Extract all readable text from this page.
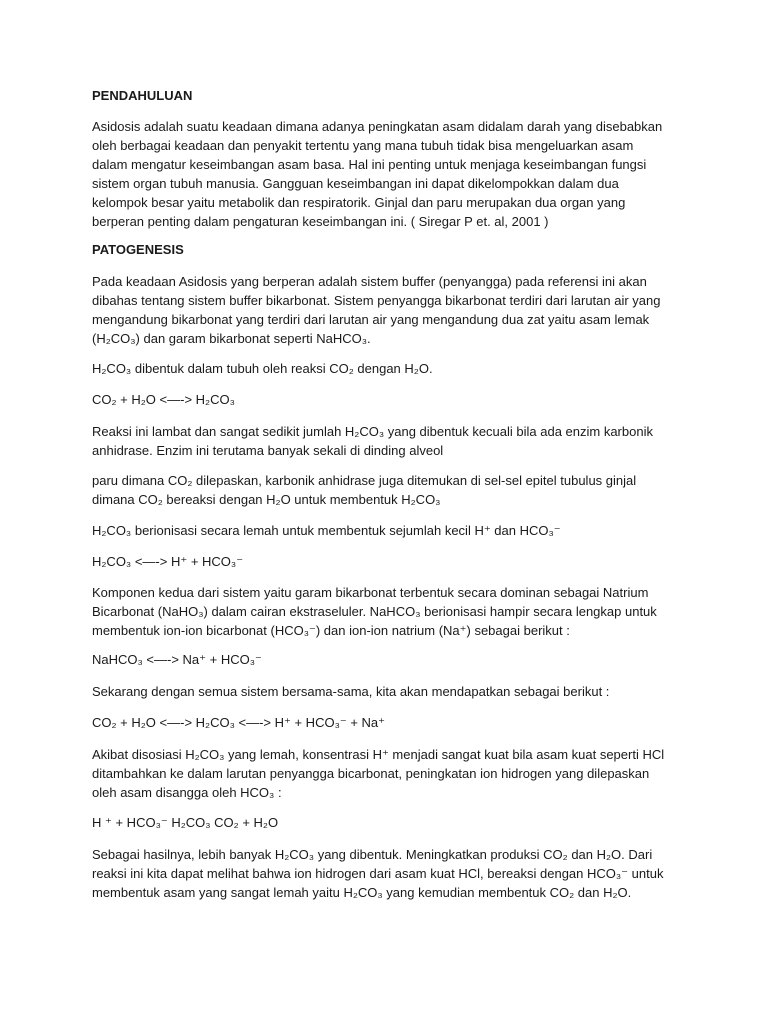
PENDAHULUAN
Asidosis adalah suatu keadaan dimana adanya peningkatan asam didalam darah yang disebabkan
oleh berbagai keadaan dan penyakit tertentu yang mana tubuh tidak bisa mengeluarkan asam
dalam mengatur keseimbangan asam basa. Hal ini penting untuk menjaga keseimbangan fungsi
sistem organ tubuh manusia. Gangguan keseimbangan ini dapat dikelompokkan dalam dua
kelompok besar yaitu metabolik dan respiratorik. Ginjal dan paru merupakan dua organ yang
berperan penting dalam pengaturan keseimbangan ini. ( Siregar P et. al, 2001 )
PATOGENESIS
Pada keadaan Asidosis yang berperan adalah sistem buffer (penyangga) pada referensi ini akan
dibahas tentang sistem buffer bikarbonat. Sistem penyangga bikarbonat terdiri dari larutan air yang
mengandung bikarbonat yang terdiri dari larutan air yang mengandung dua zat yaitu asam lemak
(H₂CO₃) dan garam bikarbonat seperti NaHCO₃.
H₂CO₃ dibentuk dalam tubuh oleh reaksi CO₂ dengan H₂O.
CO₂ + H₂O <—-> H₂CO₃
Reaksi ini lambat dan sangat sedikit jumlah H₂CO₃ yang dibentuk kecuali bila ada enzim karbonik
anhidrase. Enzim ini terutama banyak sekali di dinding alveol
paru dimana CO₂ dilepaskan, karbonik anhidrase juga ditemukan di sel-sel epitel tubulus ginjal
dimana CO₂ bereaksi dengan H₂O untuk membentuk H₂CO₃
H₂CO₃ berionisasi secara lemah untuk membentuk sejumlah kecil H⁺ dan HCO₃⁻
H₂CO₃ <—-> H⁺ + HCO₃⁻
Komponen kedua dari sistem yaitu garam bikarbonat terbentuk secara dominan sebagai Natrium
Bicarbonat (NaHO₃) dalam cairan ekstraseluler. NaHCO₃ berionisasi hampir secara lengkap untuk
membentuk ion-ion bicarbonat (HCO₃⁻) dan ion-ion natrium (Na⁺) sebagai berikut :
NaHCO₃ <—-> Na⁺ + HCO₃⁻
Sekarang dengan semua sistem bersama-sama, kita akan mendapatkan sebagai berikut :
CO₂ + H₂O <—-> H₂CO₃ <—-> H⁺ + HCO₃⁻ + Na⁺
Akibat disosiasi H₂CO₃ yang lemah, konsentrasi H⁺ menjadi sangat kuat bila asam kuat seperti HCl
ditambahkan ke dalam larutan penyangga bicarbonat, peningkatan ion hidrogen yang dilepaskan
oleh asam disangga oleh HCO₃ :
H ⁺ + HCO₃⁻ H₂CO₃ CO₂ + H₂O
Sebagai hasilnya, lebih banyak H₂CO₃ yang dibentuk. Meningkatkan produksi CO₂ dan H₂O. Dari
reaksi ini kita dapat melihat bahwa ion hidrogen dari asam kuat HCl, bereaksi dengan HCO₃⁻ untuk
membentuk asam yang sangat lemah yaitu H₂CO₃ yang kemudian membentuk CO₂ dan H₂O.
